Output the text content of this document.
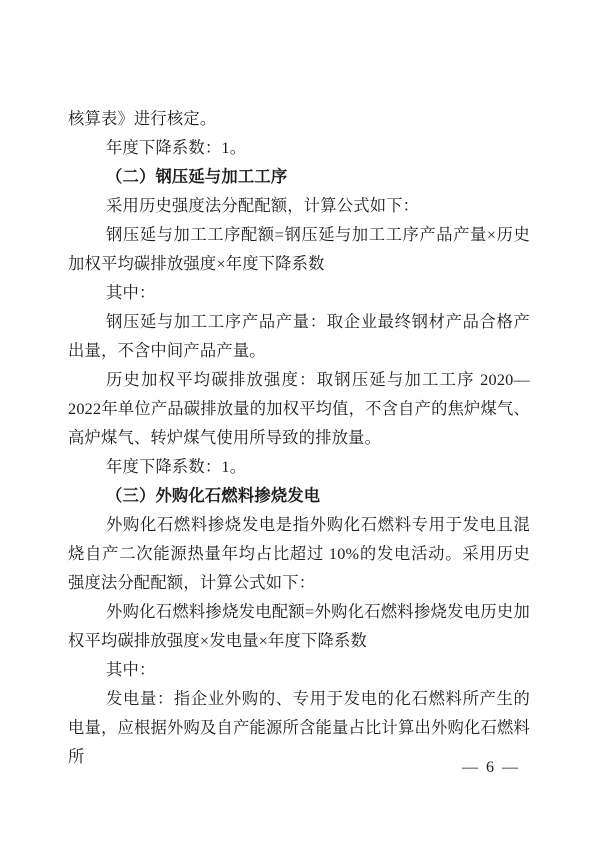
核算表》进行核定。

年度下降系数：1。

（二）钢压延与加工工序

采用历史强度法分配配额，计算公式如下：

钢压延与加工工序配额=钢压延与加工工序产品产量×历史加权平均碳排放强度×年度下降系数

其中：

钢压延与加工工序产品产量：取企业最终钢材产品合格产出量，不含中间产品产量。

历史加权平均碳排放强度：取钢压延与加工工序 2020—2022年单位产品碳排放量的加权平均值，不含自产的焦炉煤气、高炉煤气、转炉煤气使用所导致的排放量。

年度下降系数：1。

（三）外购化石燃料掺烧发电

外购化石燃料掺烧发电是指外购化石燃料专用于发电且混烧自产二次能源热量年均占比超过 10%的发电活动。采用历史强度法分配配额，计算公式如下：

外购化石燃料掺烧发电配额=外购化石燃料掺烧发电历史加权平均碳排放强度×发电量×年度下降系数

其中：

发电量：指企业外购的、专用于发电的化石燃料所产生的电量，应根据外购及自产能源所含能量占比计算出外购化石燃料所

— 6 —
